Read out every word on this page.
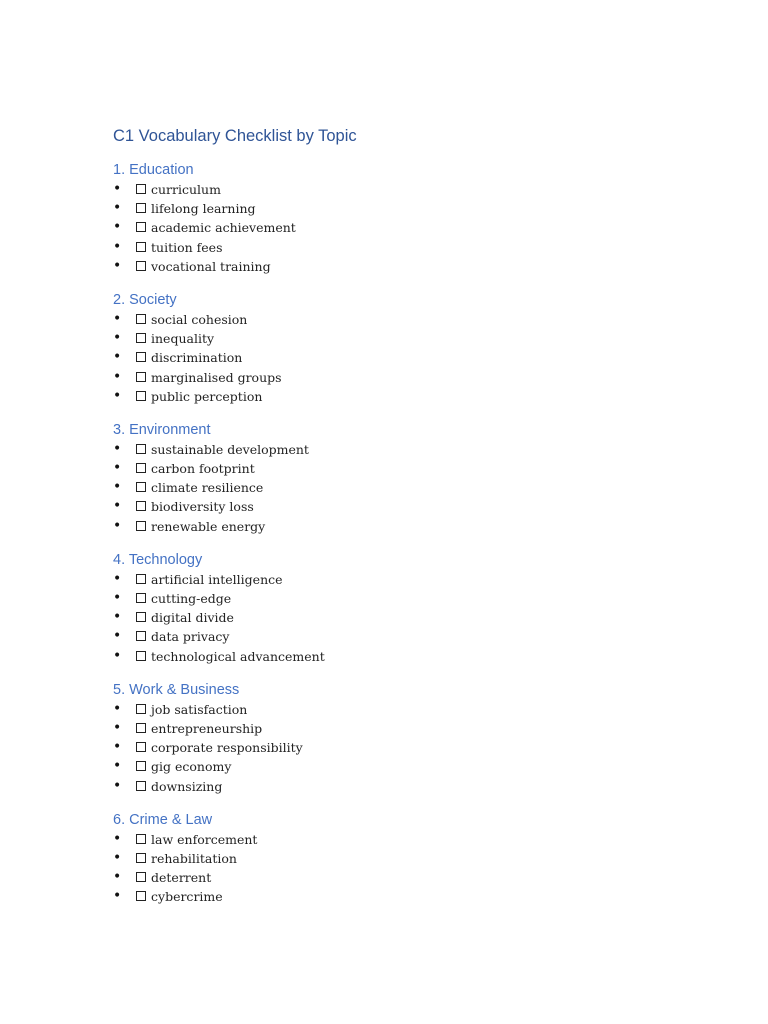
C1 Vocabulary Checklist by Topic
1. Education
• curriculum
• lifelong learning
• academic achievement
• tuition fees
• vocational training
2. Society
• social cohesion
• inequality
• discrimination
• marginalised groups
• public perception
3. Environment
• sustainable development
• carbon footprint
• climate resilience
• biodiversity loss
• renewable energy
4. Technology
• artificial intelligence
• cutting-edge
• digital divide
• data privacy
• technological advancement
5. Work & Business
• job satisfaction
• entrepreneurship
• corporate responsibility
• gig economy
• downsizing
6. Crime & Law
• law enforcement
• rehabilitation
• deterrent
• cybercrime
